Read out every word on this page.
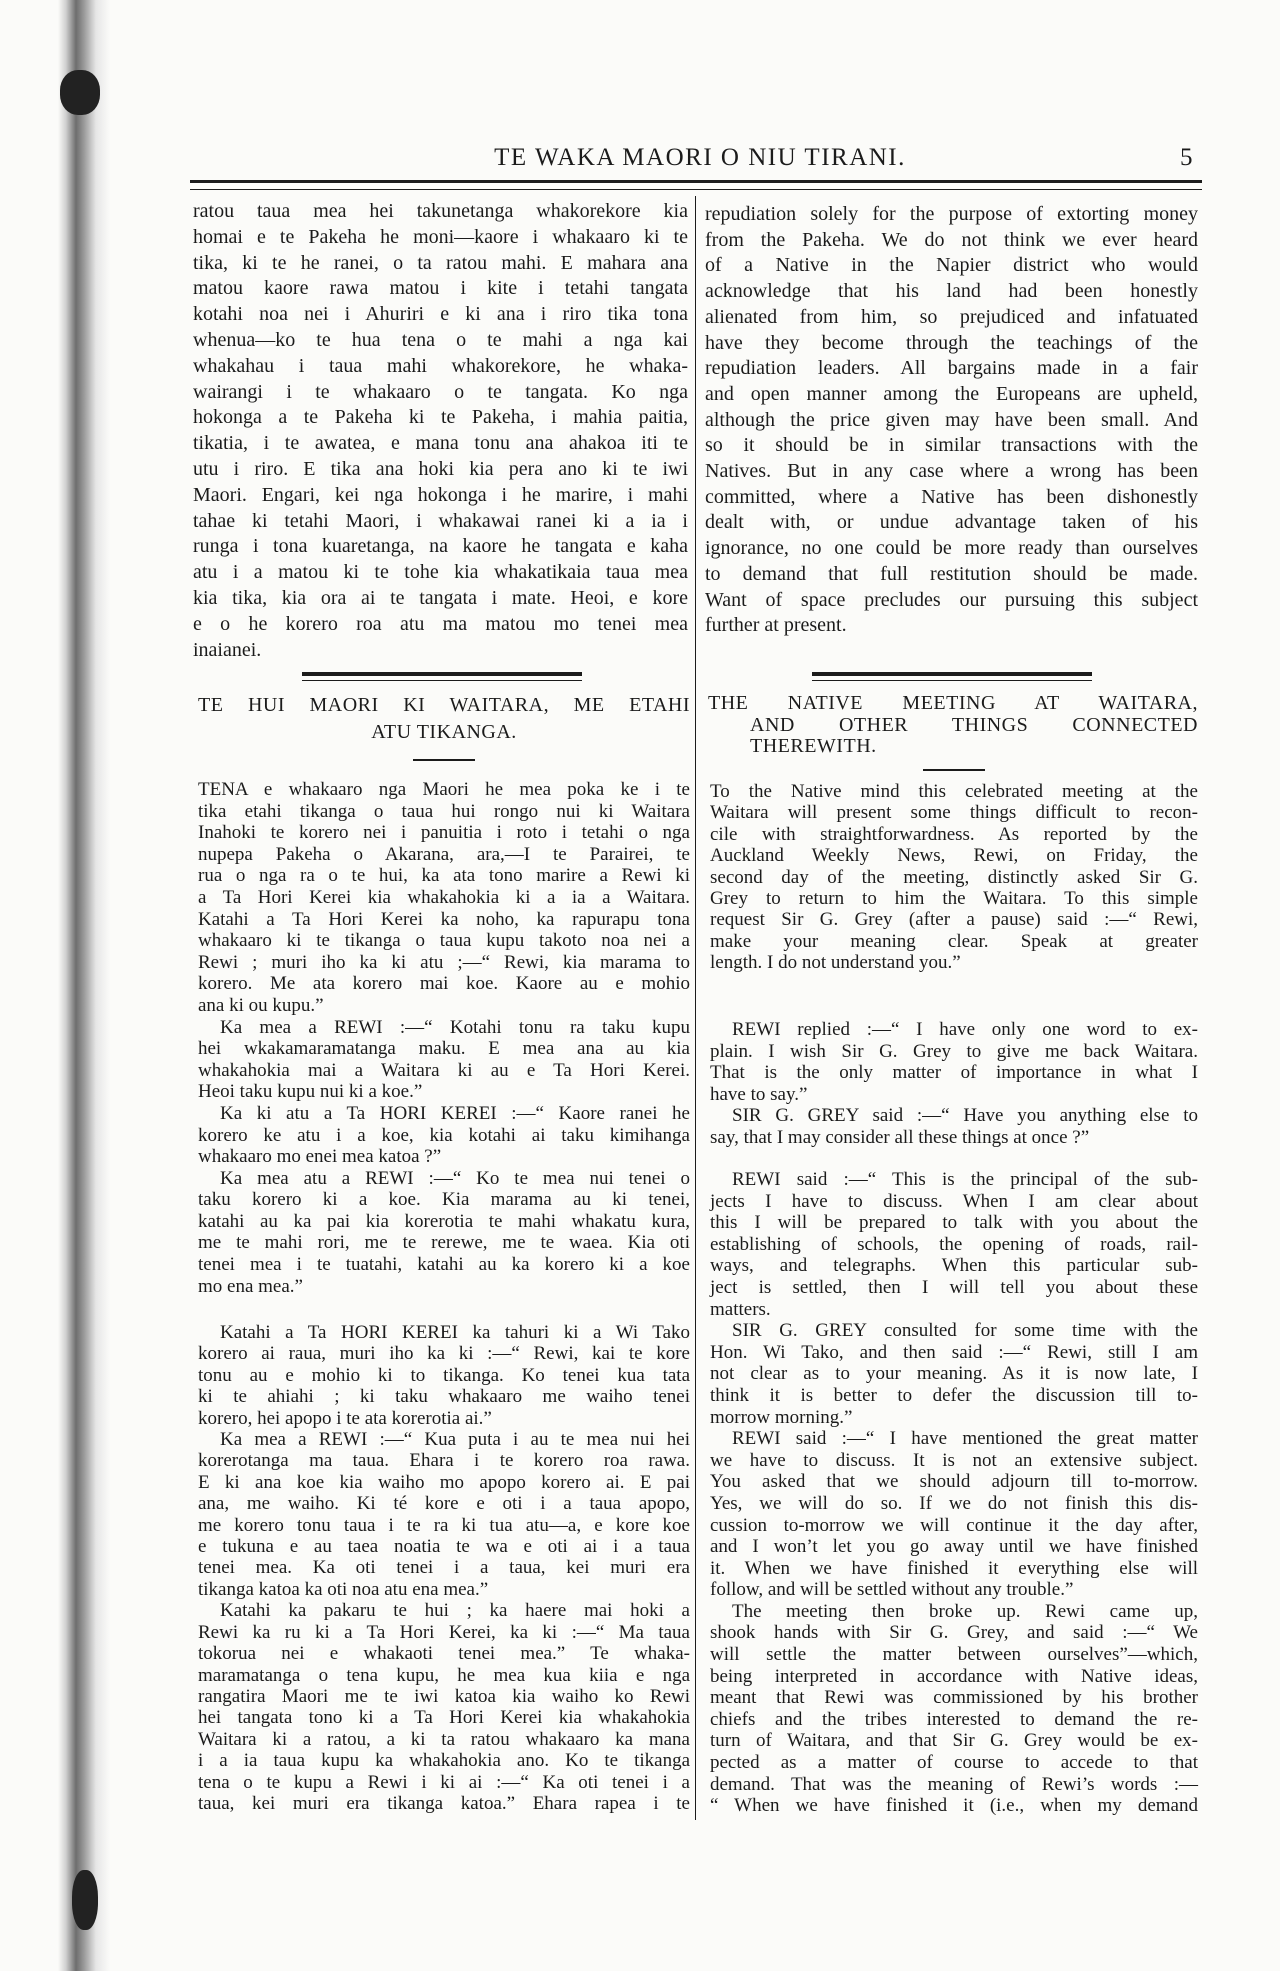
TE WAKA MAORI O NIU TIRANI.	5
ratou taua mea hei takunetanga whakorekore kia
homai e te Pakeha he moni—kaore i whakaaro ki te
tika, ki te he ranei, o ta ratou mahi. E mahara ana
matou kaore rawa matou i kite i tetahi tangata
kotahi noa nei i Ahuriri e ki ana i riro tika tona
whenua—ko te hua tena o te mahi a nga kai
whakahau i taua mahi whakorekore, he whaka-
wairangi i te whakaaro o te tangata. Ko nga
hokonga a te Pakeha ki te Pakeha, i mahia paitia,
tikatia, i te awatea, e mana tonu ana ahakoa iti te
utu i riro. E tika ana hoki kia pera ano ki te iwi
Maori. Engari, kei nga hokonga i he marire, i mahi
tahae ki tetahi Maori, i whakawai ranei ki a ia i
runga i tona kuaretanga, na kaore he tangata e kaha
atu i a matou ki te tohe kia whakatikaia taua mea
kia tika, kia ora ai te tangata i mate. Heoi, e kore
e o he korero roa atu ma matou mo tenei mea
inaianei.
repudiation solely for the purpose of extorting money
from the Pakeha. We do not think we ever heard
of a Native in the Napier district who would
acknowledge that his land had been honestly
alienated from him, so prejudiced and infatuated
have they become through the teachings of the
repudiation leaders. All bargains made in a fair
and open manner among the Europeans are upheld,
although the price given may have been small. And
so it should be in similar transactions with the
Natives. But in any case where a wrong has been
committed, where a Native has been dishonestly
dealt with, or undue advantage taken of his
ignorance, no one could be more ready than ourselves
to demand that full restitution should be made.
Want of space precludes our pursuing this subject
further at present.
TE HUI MAORI KI WAITARA, ME ETAHI
ATU TIKANGA.
THE NATIVE MEETING AT WAITARA,
AND OTHER THINGS CONNECTED
THEREWITH.
TENA e whakaaro nga Maori he mea poka ke i te
tika etahi tikanga o taua hui rongo nui ki Waitara
Inahoki te korero nei i panuitia i roto i tetahi o nga
nupepa Pakeha o Akarana, ara,—I te Parairei, te
rua o nga ra o te hui, ka ata tono marire a Rewi ki
a Ta Hori Kerei kia whakahokia ki a ia a Waitara.
Katahi a Ta Hori Kerei ka noho, ka rapurapu tona
whakaaro ki te tikanga o taua kupu takoto noa nei a
Rewi ; muri iho ka ki atu ;—“ Rewi, kia marama to
korero. Me ata korero mai koe. Kaore au e mohio
ana ki ou kupu.”
Ka mea a REWI :—“ Kotahi tonu ra taku kupu
hei wkakamaramatanga maku. E mea ana au kia
whakahokia mai a Waitara ki au e Ta Hori Kerei.
Heoi taku kupu nui ki a koe.”
Ka ki atu a Ta HORI KEREI :—“ Kaore ranei he
korero ke atu i a koe, kia kotahi ai taku kimihanga
whakaaro mo enei mea katoa ?”
Ka mea atu a REWI :—“ Ko te mea nui tenei o
taku korero ki a koe. Kia marama au ki tenei,
katahi au ka pai kia korerotia te mahi whakatu kura,
me te mahi rori, me te rerewe, me te waea. Kia oti
tenei mea i te tuatahi, katahi au ka korero ki a koe
mo ena mea.”
Katahi a Ta HORI KEREI ka tahuri ki a Wi Tako
korero ai raua, muri iho ka ki :—“ Rewi, kai te kore
tonu au e mohio ki to tikanga. Ko tenei kua tata
ki te ahiahi ; ki taku whakaaro me waiho tenei
korero, hei apopo i te ata korerotia ai.”
Ka mea a REWI :—“ Kua puta i au te mea nui hei
korerotanga ma taua. Ehara i te korero roa rawa.
E ki ana koe kia waiho mo apopo korero ai. E pai
ana, me waiho. Ki té kore e oti i a taua apopo,
me korero tonu taua i te ra ki tua atu—a, e kore koe
e tukuna e au taea noatia te wa e oti ai i a taua
tenei mea. Ka oti tenei i a taua, kei muri era
tikanga katoa ka oti noa atu ena mea.”
Katahi ka pakaru te hui ; ka haere mai hoki a
Rewi ka ru ki a Ta Hori Kerei, ka ki :—“ Ma taua
tokorua nei e whakaoti tenei mea.” Te whaka-
maramatanga o tena kupu, he mea kua kiia e nga
rangatira Maori me te iwi katoa kia waiho ko Rewi
hei tangata tono ki a Ta Hori Kerei kia whakahokia
Waitara ki a ratou, a ki ta ratou whakaaro ka mana
i a ia taua kupu ka whakahokia ano. Ko te tikanga
tena o te kupu a Rewi i ki ai :—“ Ka oti tenei i a
taua, kei muri era tikanga katoa.” Ehara rapea i te
To the Native mind this celebrated meeting at the
Waitara will present some things difficult to recon-
cile with straightforwardness. As reported by the
Auckland Weekly News, Rewi, on Friday, the
second day of the meeting, distinctly asked Sir G.
Grey to return to him the Waitara. To this simple
request Sir G. Grey (after a pause) said :—“ Rewi,
make your meaning clear. Speak at greater
length. I do not understand you.”
REWI replied :—“ I have only one word to ex-
plain. I wish Sir G. Grey to give me back Waitara.
That is the only matter of importance in what I
have to say.”
SIR G. GREY said :—“ Have you anything else to
say, that I may consider all these things at once ?”
REWI said :—“ This is the principal of the sub-
jects I have to discuss. When I am clear about
this I will be prepared to talk with you about the
establishing of schools, the opening of roads, rail-
ways, and telegraphs. When this particular sub-
ject is settled, then I will tell you about these
matters.
SIR G. GREY consulted for some time with the
Hon. Wi Tako, and then said :—“ Rewi, still I am
not clear as to your meaning. As it is now late, I
think it is better to defer the discussion till to-
morrow morning.”
REWI said :—“ I have mentioned the great matter
we have to discuss. It is not an extensive subject.
You asked that we should adjourn till to-morrow.
Yes, we will do so. If we do not finish this dis-
cussion to-morrow we will continue it the day after,
and I won’t let you go away until we have finished
it. When we have finished it everything else will
follow, and will be settled without any trouble.”
The meeting then broke up. Rewi came up,
shook hands with Sir G. Grey, and said :—“ We
will settle the matter between ourselves”—which,
being interpreted in accordance with Native ideas,
meant that Rewi was commissioned by his brother
chiefs and the tribes interested to demand the re-
turn of Waitara, and that Sir G. Grey would be ex-
pected as a matter of course to accede to that
demand. That was the meaning of Rewi’s words :—
“ When we have finished it (i.e., when my demand
